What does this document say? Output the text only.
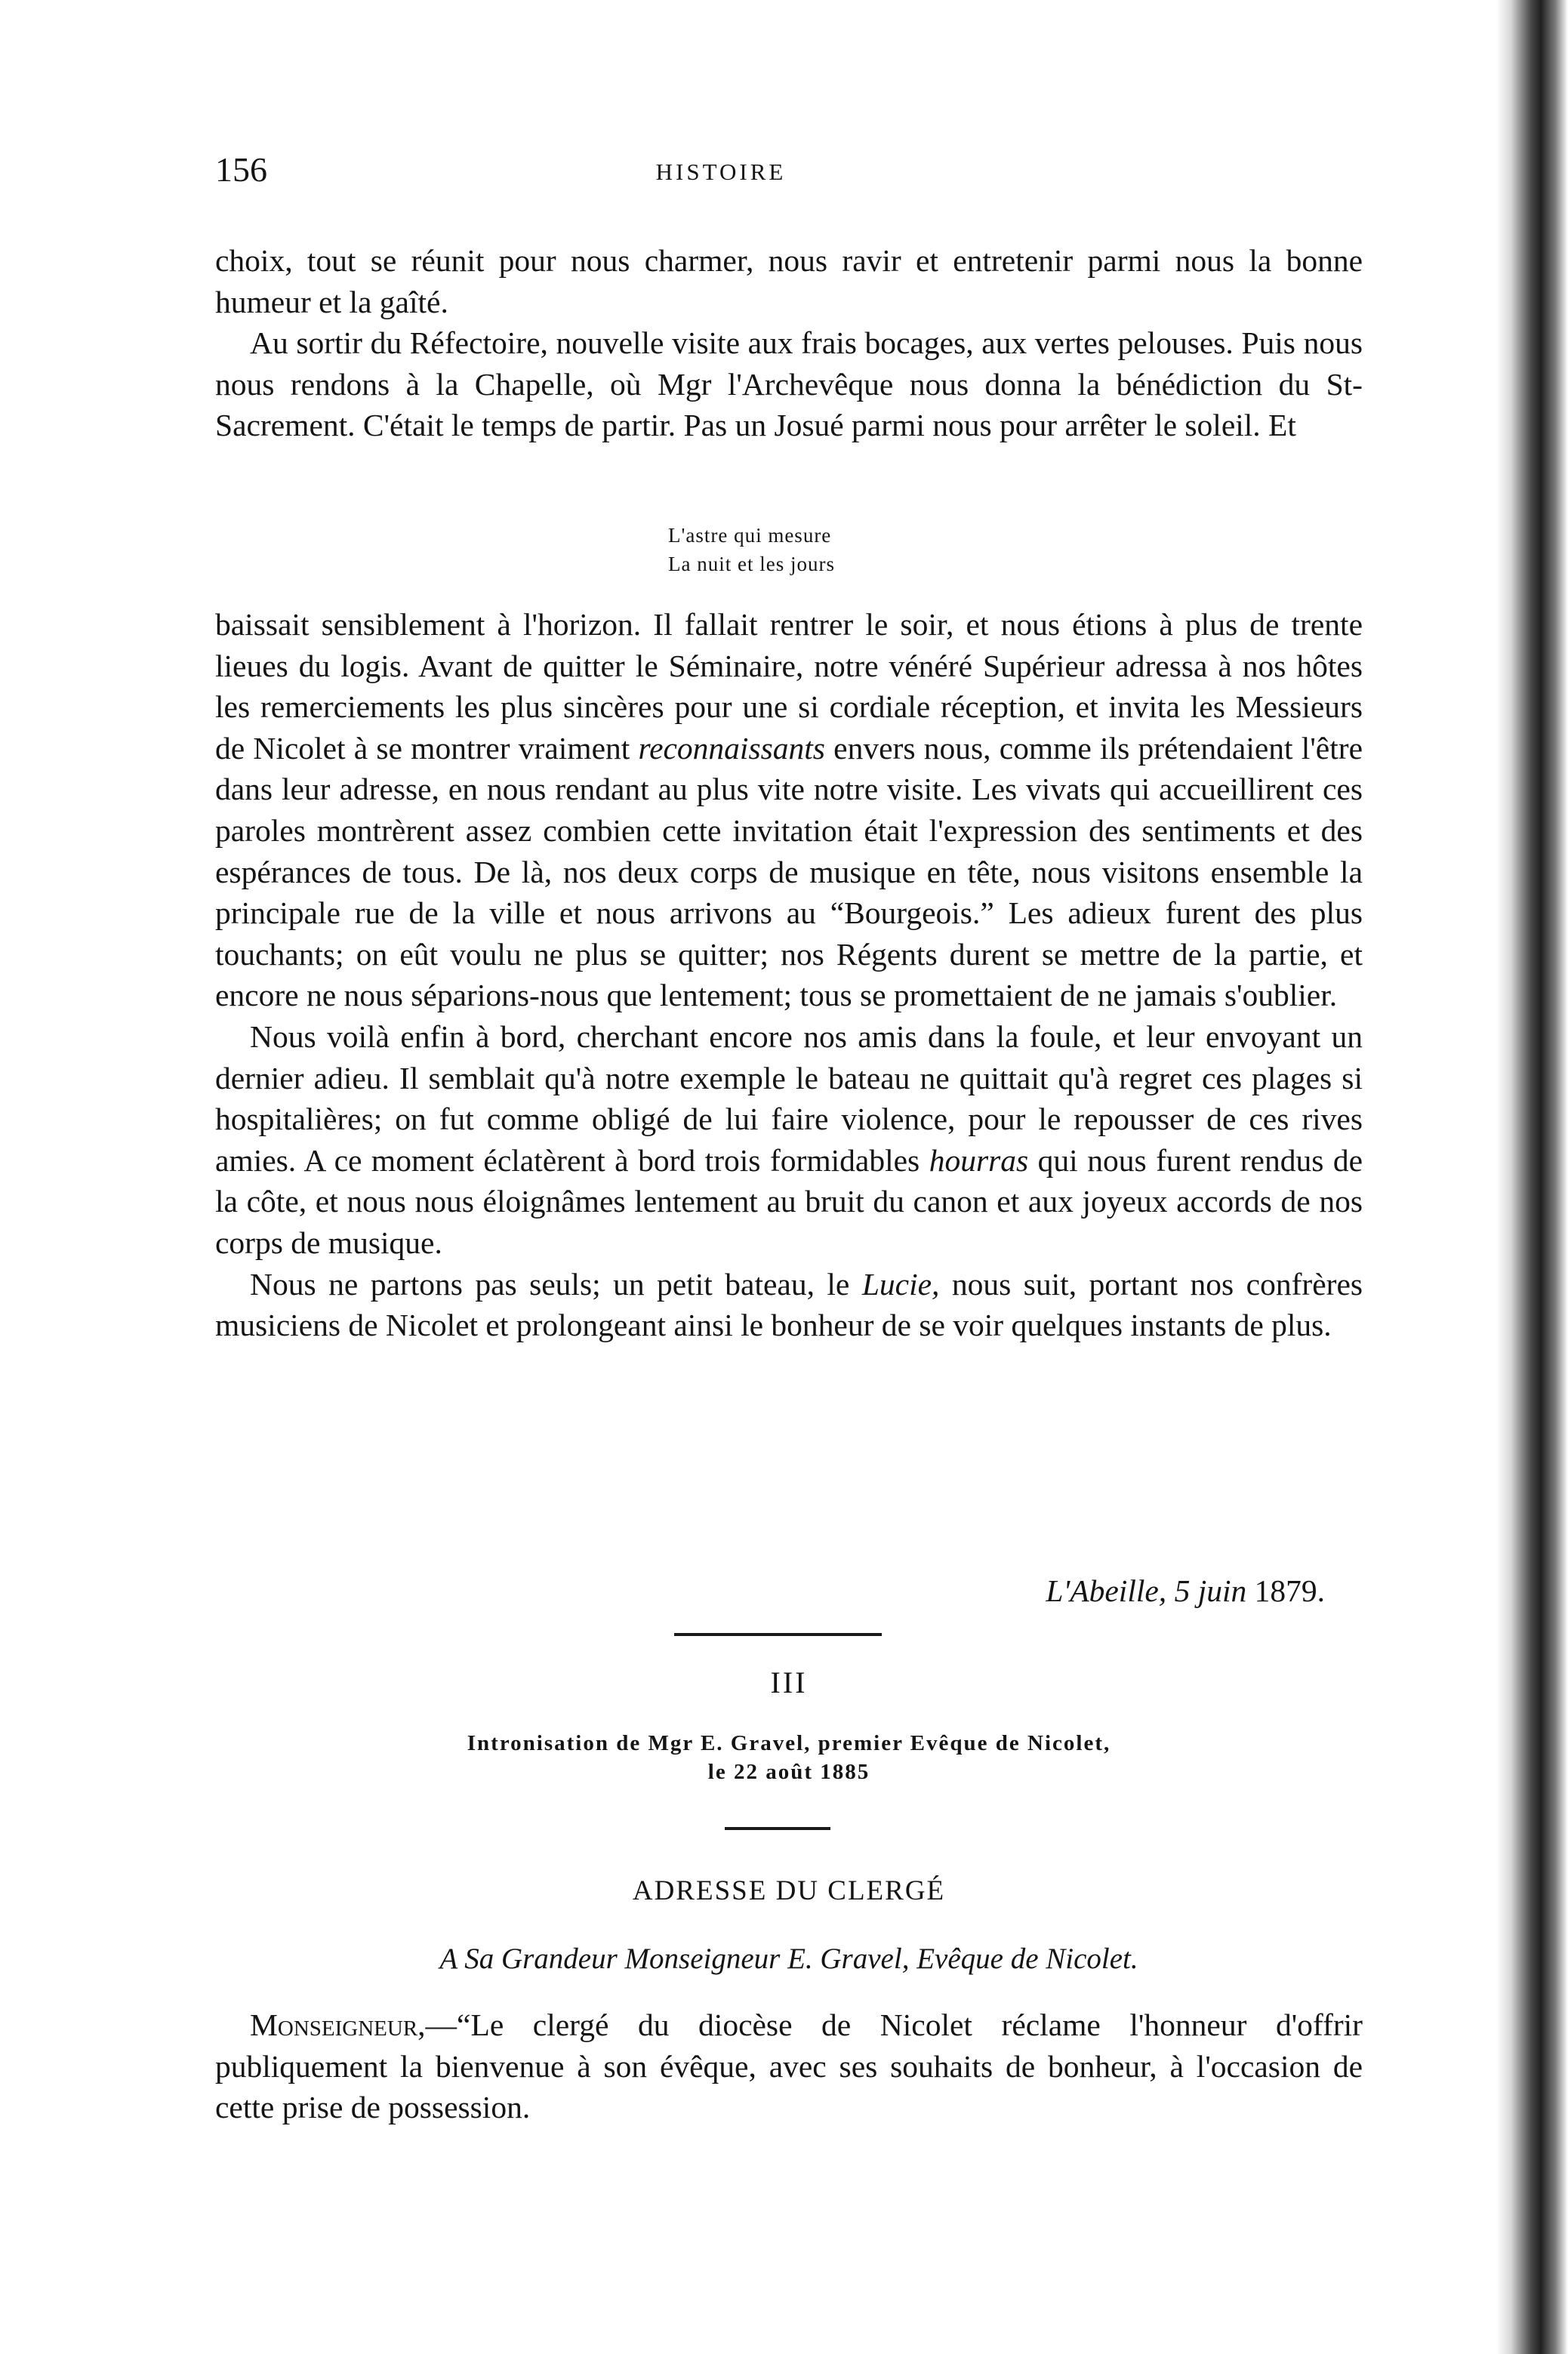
156	HISTOIRE

choix, tout se réunit pour nous charmer, nous ravir et entretenir parmi nous la bonne humeur et la gaîté.

Au sortir du Réfectoire, nouvelle visite aux frais bocages, aux vertes pelouses. Puis nous nous rendons à la Chapelle, où Mgr l'Archevêque nous donna la bénédiction du St-Sacrement. C'était le temps de partir. Pas un Josué parmi nous pour arrêter le soleil. Et

L'astre qui mesure
La nuit et les jours

baissait sensiblement à l'horizon. Il fallait rentrer le soir, et nous étions à plus de trente lieues du logis. Avant de quitter le Séminaire, notre vénéré Supérieur adressa à nos hôtes les remerciements les plus sincères pour une si cordiale réception, et invita les Messieurs de Nicolet à se montrer vraiment reconnaissants envers nous, comme ils prétendaient l'être dans leur adresse, en nous rendant au plus vite notre visite. Les vivats qui accueillirent ces paroles montrèrent assez combien cette invitation était l'expression des sentiments et des espérances de tous. De là, nos deux corps de musique en tête, nous visitons ensemble la principale rue de la ville et nous arrivons au “Bourgeois.” Les adieux furent des plus touchants; on eût voulu ne plus se quitter; nos Régents durent se mettre de la partie, et encore ne nous séparions-nous que lentement; tous se promettaient de ne jamais s'oublier.

Nous voilà enfin à bord, cherchant encore nos amis dans la foule, et leur envoyant un dernier adieu. Il semblait qu'à notre exemple le bateau ne quittait qu'à regret ces plages si hospitalières; on fut comme obligé de lui faire violence, pour le repousser de ces rives amies. A ce moment éclatèrent à bord trois formidables hourras qui nous furent rendus de la côte, et nous nous éloignâmes lentement au bruit du canon et aux joyeux accords de nos corps de musique.

Nous ne partons pas seuls; un petit bateau, le Lucie, nous suit, portant nos confrères musiciens de Nicolet et prolongeant ainsi le bonheur de se voir quelques instants de plus.

L'Abeille, 5 juin 1879.
III
Intronisation de Mgr E. Gravel, premier Evêque de Nicolet,
le 22 août 1885
ADRESSE DU CLERGÉ
A Sa Grandeur Monseigneur E. Gravel, Evêque de Nicolet.
Monseigneur,—“Le clergé du diocèse de Nicolet réclame l'honneur d'offrir publiquement la bienvenue à son évêque, avec ses souhaits de bonheur, à l'occasion de cette prise de possession.
